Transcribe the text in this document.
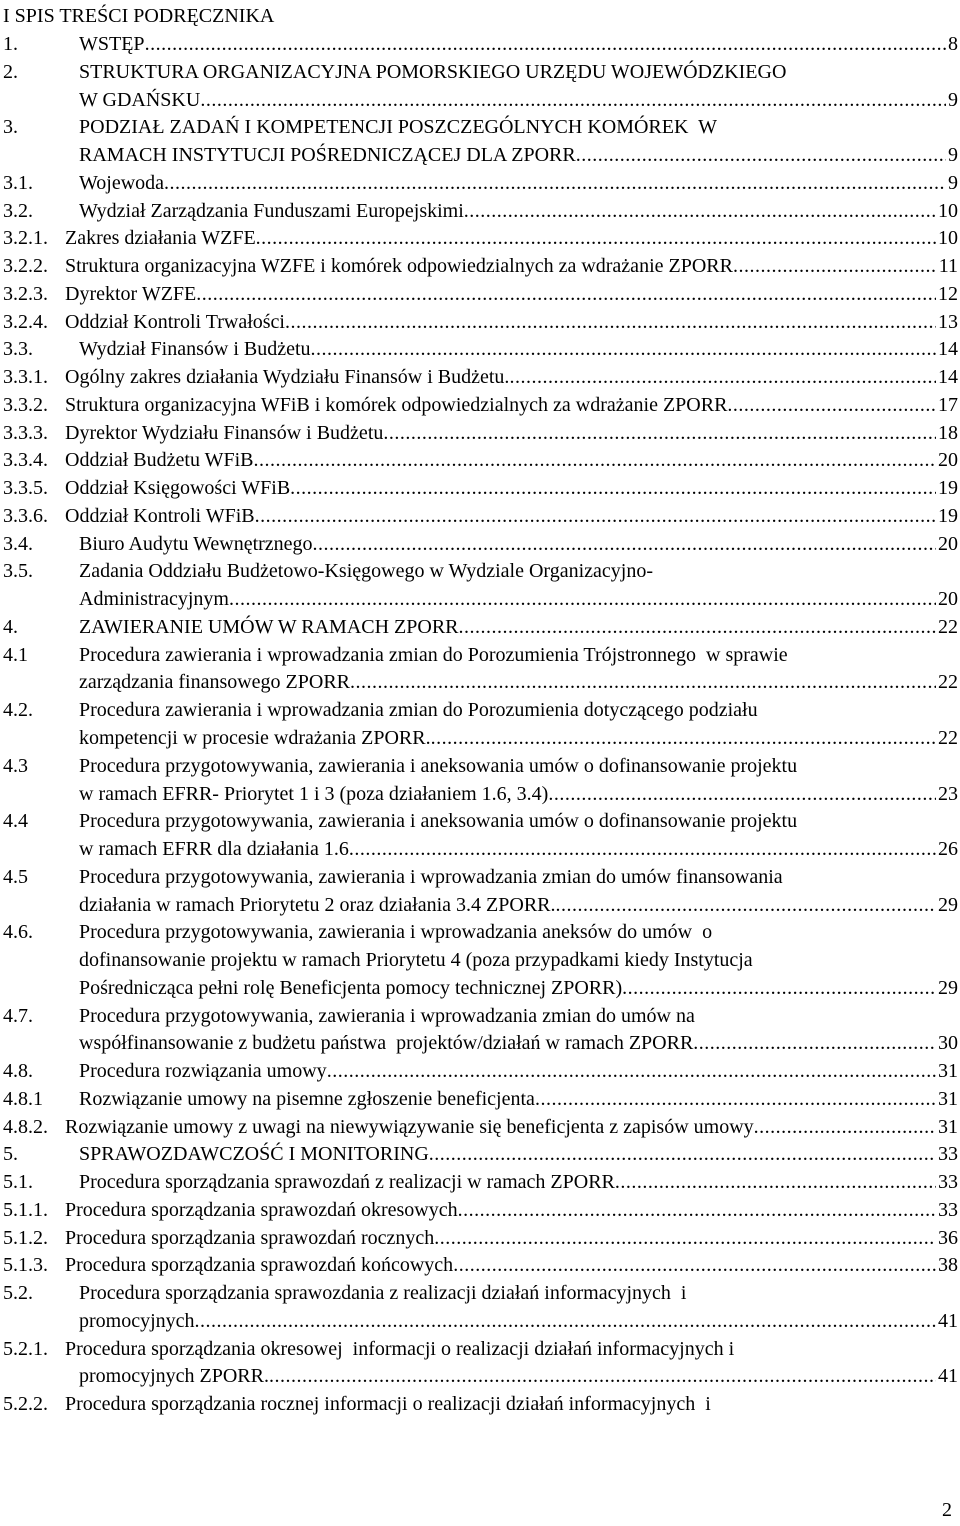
I SPIS TREŚCI PODRĘCZNIKA
1.	WSTĘP .....	8
2.	STRUKTURA ORGANIZACYJNA POMORSKIEGO URZĘDU WOJEWÓDZKIEGO
W GDAŃSKU .....	9
3.	PODZIAŁ ZADAŃ I KOMPETENCJI POSZCZEGÓLNYCH KOMÓREK  W
RAMACH INSTYTUCJI POŚREDNICZĄCEJ DLA ZPORR .....	9
3.1. Wojewoda .....	9
3.2. Wydział Zarządzania Funduszami Europejskimi .....	10
3.2.1. Zakres działania WZFE .....	10
3.2.2. Struktura organizacyjna WZFE i komórek odpowiedzialnych za wdrażanie ZPORR .....	11
3.2.3. Dyrektor WZFE .....	12
3.2.4. Oddział Kontroli Trwałości .....	13
3.3. Wydział Finansów i Budżetu .....	14
3.3.1. Ogólny zakres działania Wydziału Finansów i Budżetu. .....	14
3.3.2. Struktura organizacyjna WFiB i komórek odpowiedzialnych za wdrażanie ZPORR .....	17
3.3.3. Dyrektor Wydziału Finansów i Budżetu .....	18
3.3.4. Oddział Budżetu WFiB .....	20
3.3.5. Oddział Księgowości WFiB .....	19
3.3.6. Oddział Kontroli WFiB .....	19
3.4. Biuro Audytu Wewnętrznego .....	20
3.5. Zadania Oddziału Budżetowo-Księgowego w Wydziale Organizacyjno-
Administracyjnym .....	20
4.	ZAWIERANIE UMÓW W RAMACH ZPORR .....	22
4.1	Procedura zawierania i wprowadzania zmian do Porozumienia Trójstronnego  w sprawie
zarządzania finansowego ZPORR .....	22
4.2. Procedura zawierania i wprowadzania zmian do Porozumienia dotyczącego podziału
kompetencji w procesie wdrażania ZPORR. .....	22
4.3	Procedura przygotowywania, zawierania i aneksowania umów o dofinansowanie projektu
w ramach EFRR- Priorytet 1 i 3 (poza działaniem 1.6, 3.4) .....	23
4.4	Procedura przygotowywania, zawierania i aneksowania umów o dofinansowanie projektu
w ramach EFRR dla działania 1.6 .....	26
4.5	Procedura przygotowywania, zawierania i wprowadzania zmian do umów finansowania
działania w ramach Priorytetu 2 oraz działania 3.4 ZPORR. .....	29
4.6. Procedura przygotowywania, zawierania i wprowadzania aneksów do umów  o
dofinansowanie projektu w ramach Priorytetu 4 (poza przypadkami kiedy Instytucja
Pośrednicząca pełni rolę Beneficjenta pomocy technicznej ZPORR) .....	29
4.7. Procedura przygotowywania, zawierania i wprowadzania zmian do umów na
współfinansowanie z budżetu państwa  projektów/działań w ramach ZPORR .....	30
4.8. Procedura rozwiązania umowy .....	31
4.8.1 Rozwiązanie umowy na pisemne zgłoszenie beneficjenta .....	31
4.8.2. Rozwiązanie umowy z uwagi na niewywiązywanie się beneficjenta z zapisów umowy .....	31
5.	SPRAWOZDAWCZOŚĆ I MONITORING .....	33
5.1. Procedura sporządzania sprawozdań z realizacji w ramach ZPORR .....	33
5.1.1. Procedura sporządzania sprawozdań okresowych .....	33
5.1.2. Procedura sporządzania sprawozdań rocznych .....	36
5.1.3. Procedura sporządzania sprawozdań końcowych .....	38
5.2. Procedura sporządzania sprawozdania z realizacji działań informacyjnych  i
promocyjnych .....	41
5.2.1. Procedura sporządzania okresowej  informacji o realizacji działań informacyjnych i
promocyjnych ZPORR. .....	41
5.2.2. Procedura sporządzania rocznej informacji o realizacji działań informacyjnych  i
2
